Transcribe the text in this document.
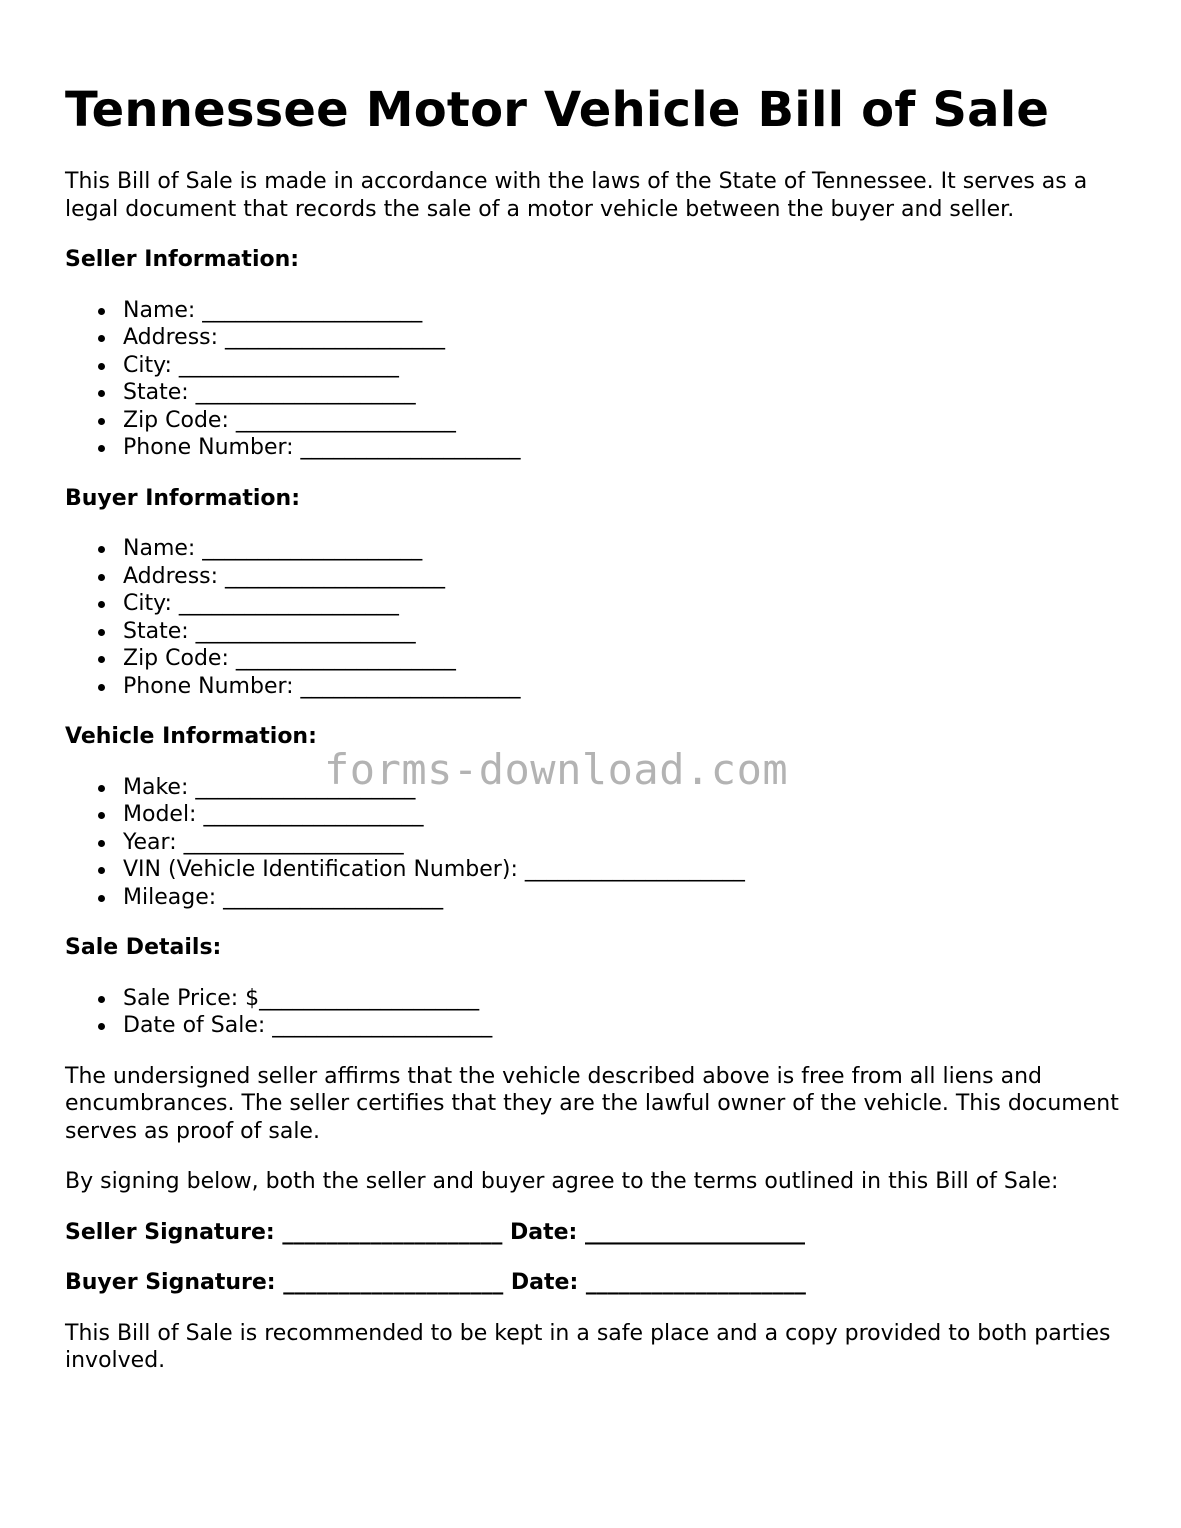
Tennessee Motor Vehicle Bill of Sale

This Bill of Sale is made in accordance with the laws of the State of Tennessee. It serves as a legal document that records the sale of a motor vehicle between the buyer and seller.

Seller Information:
Name: ____________________
Address: ____________________
City: ____________________
State: ____________________
Zip Code: ____________________
Phone Number: ____________________
Buyer Information:
Name: ____________________
Address: ____________________
City: ____________________
State: ____________________
Zip Code: ____________________
Phone Number: ____________________
Vehicle Information:
Make: ____________________
Model: ____________________
Year: ____________________
VIN (Vehicle Identification Number): ____________________
Mileage: ____________________
Sale Details:
Sale Price: $____________________
Date of Sale: ____________________

The undersigned seller affirms that the vehicle described above is free from all liens and encumbrances. The seller certifies that they are the lawful owner of the vehicle. This document serves as proof of sale.

By signing below, both the seller and buyer agree to the terms outlined in this Bill of Sale:

Seller Signature: ____________________ Date: ____________________
Buyer Signature: ____________________ Date: ____________________

This Bill of Sale is recommended to be kept in a safe place and a copy provided to both parties involved.

forms-download.com
